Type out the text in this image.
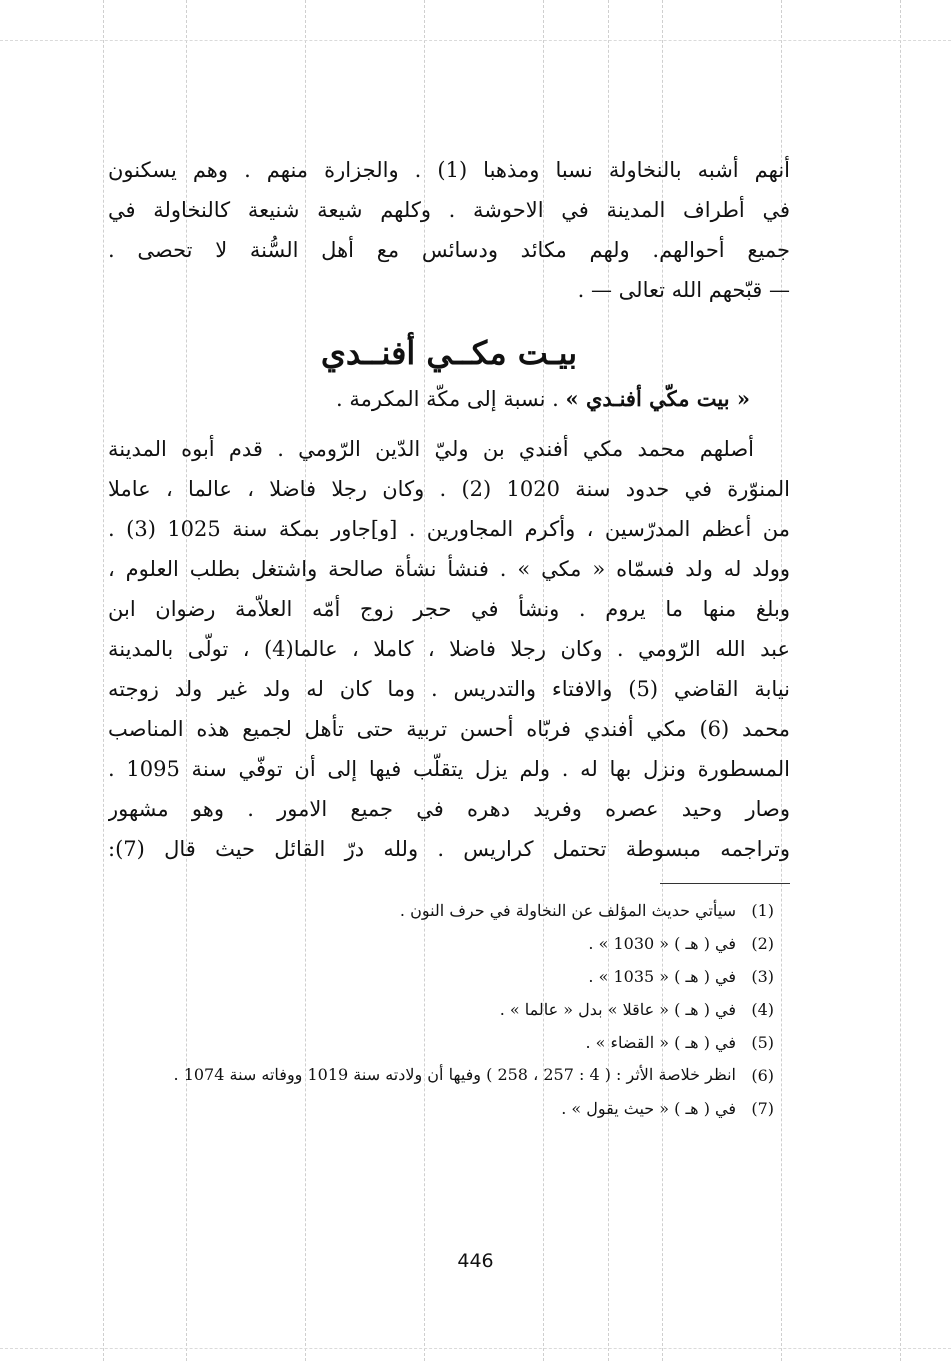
أنهم أشبه بالنخاولة نسبا ومذهبا (1) . والجزارة منهم . وهم يسكنون
في أطراف المدينة في الاحوشة . وكلهم شيعة شنيعة كالنخاولة في
جميع أحوالهم. ولهم مكائد ودسائس مع أهل السُّنة لا تحصى .
— قبّحهم الله تعالى — .

بيـت مكــي أفنــدي
« بيت مكّي أفنـدي » . نسبة إلى مكّة المكرمة .

أصلهم محمد مكي أفندي بن وليّ الدّين الرّومي . قدم أبوه المدينة
المنوّرة في حدود سنة 1020 (2) . وكان رجلا فاضلا ، عالما ، عاملا
من أعظم المدرّسين ، وأكرم المجاورين . [و]جاور بمكة سنة 1025 (3) .
وولد له ولد فسمّاه « مكي » . فنشأ نشأة صالحة واشتغل بطلب العلوم ،
وبلغ منها ما يروم . ونشأ في حجر زوج أمّه العلاّمة رضوان ابن
عبد الله الرّومي . وكان رجلا فاضلا ، كاملا ، عالما(4) ، تولّى بالمدينة
نيابة القاضي (5) والافتاء والتدريس . وما كان له ولد غير ولد زوجته
محمد (6) مكي أفندي فربّاه أحسن تربية حتى تأهل لجميع هذه المناصب
المسطورة ونزل بها له . ولم يزل يتقلّب فيها إلى أن توفّي سنة 1095 .
وصار وحيد عصره وفريد دهره في جميع الامور . وهو مشهور
وتراجمه مبسوطة تحتمل كراريس . ولله درّ القائل حيث قال (7):

(1)
سيأتي حديث المؤلف عن النخاولة في حرف النون .
(2)
في ( هـ ) « 1030 » .
(3)
في ( هـ ) « 1035 » .
(4)
في ( هـ ) « عاقلا » بدل « عالما » .
(5)
في ( هـ ) « القضاء » .
(6)
انظر خلاصة الأثر : ( 4 : 257 ، 258 ) وفيها أن ولادته سنة 1019 ووفاته سنة 1074 .
(7)
في ( هـ ) « حيث يقول » .
446
